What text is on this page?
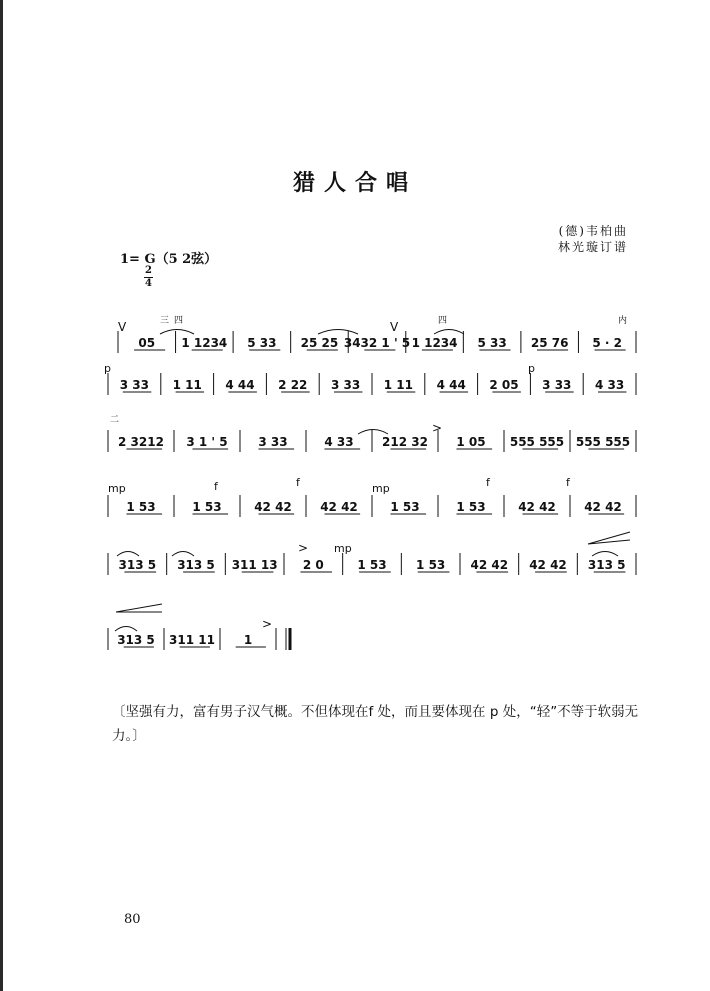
猎人合唱
(德)韦柏曲
林光璇订谱
1= G（5 2弦）
2
4
V	V
p	p
mp	mp
mp
f	f	f	f
>
>
>
三 四	四	内
二
05 1 1234 5 33 25 25 3432 1 ' 5 1 1234 5 33 25 76 5 · 2
3 33 1 11 4 44 2 22 3 33 1 11 4 44 2 05 3 33 4 33
2 3212 3 1 ' 5	3 33	4 33 212 32 1 05 555 555 555 555
1 53	1 53	42 42 42 42	1 53	1 53	42 42 42 42
313 5 313 5 311 13 2 0	1 53 1 53 42 42 42 42 313 5
313 5 311 11 1
〔坚强有力，富有男子汉气概。不但体现在f 处，而且要体现在 p 处，“轻”不等于软弱无力。〕
80
